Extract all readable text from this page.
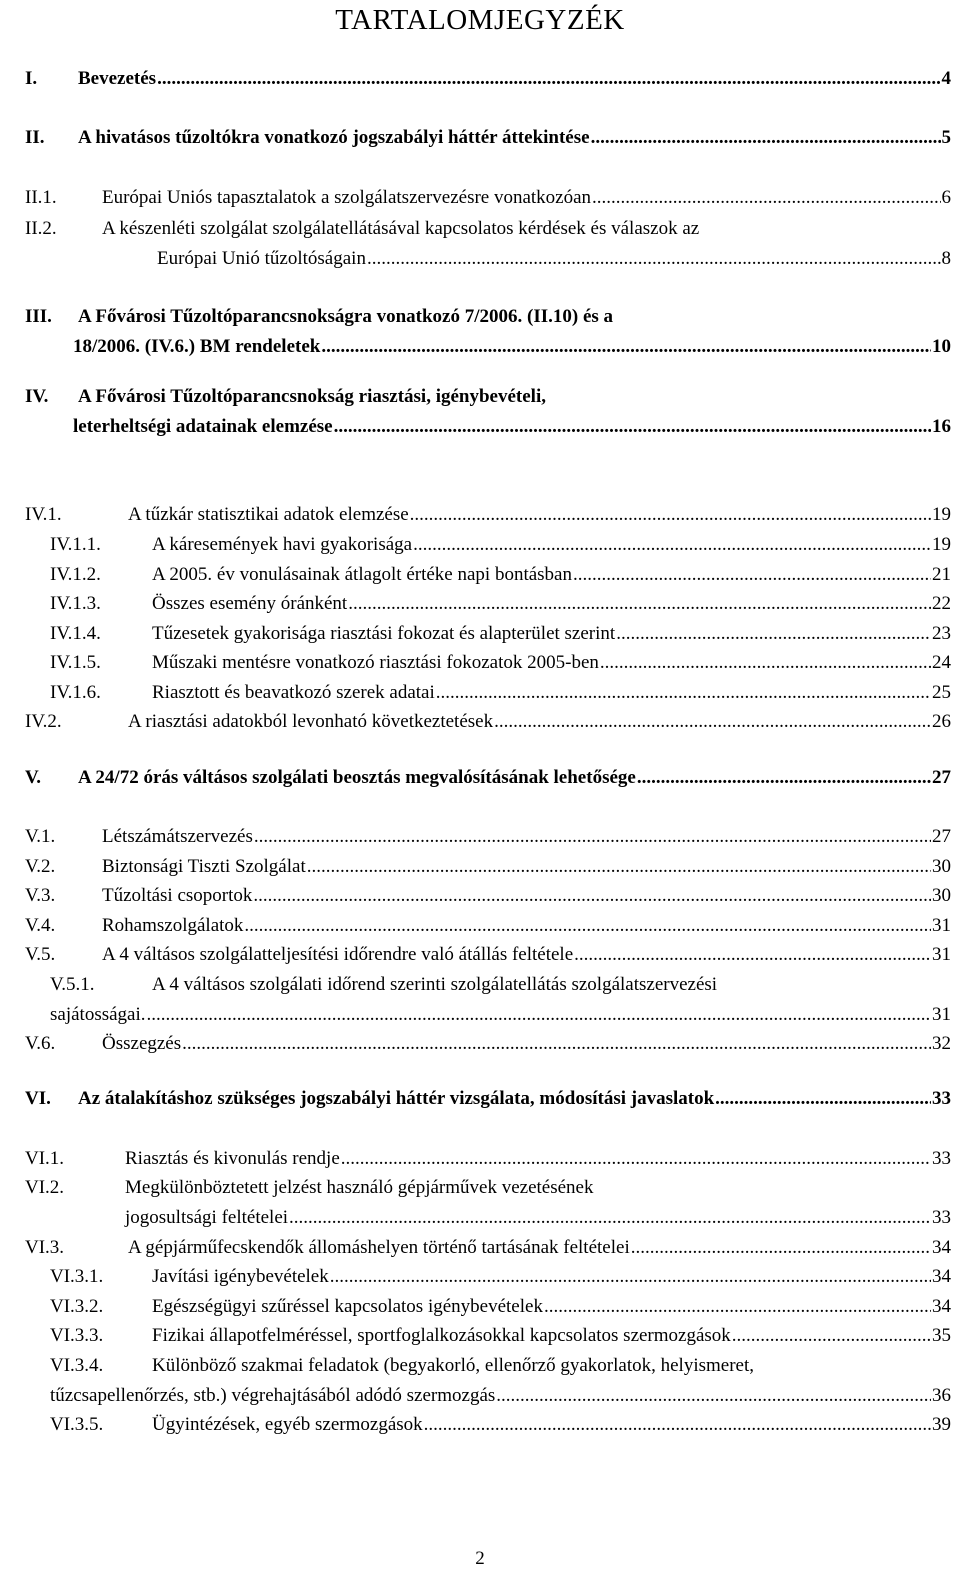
TARTALOMJEGYZÉK
I. Bevezetés .....	4
II. A hivatásos tűzoltókra vonatkozó jogszabályi háttér áttekintése .....	5
II.1. Európai Uniós tapasztalatok a szolgálatszervezésre vonatkozóan .....	6
II.2. A készenléti szolgálat szolgálatellátásával kapcsolatos kérdések és válaszok az
Európai Unió tűzoltóságain .....	8
III. A Fővárosi Tűzoltóparancsnokságra vonatkozó 7/2006. (II.10) és a
18/2006. (IV.6.) BM rendeletek .....	10
IV. A Fővárosi Tűzoltóparancsnokság riasztási, igénybevételi,
leterheltségi adatainak elemzése .....	16
IV.1.	A tűzkár statisztikai adatok elemzése .....	19
IV.1.1.	A káresemények havi gyakorisága .....	19
IV.1.2.	A 2005. év vonulásainak átlagolt értéke napi bontásban .....	21
IV.1.3.	Összes esemény óránként .....	22
IV.1.4.	Tűzesetek gyakorisága riasztási fokozat és alapterület szerint .....	23
IV.1.5.	Műszaki mentésre vonatkozó riasztási fokozatok 2005-ben .....	24
IV.1.6.	Riasztott és beavatkozó szerek adatai .....	25
IV.2.	A riasztási adatokból levonható következtetések .....	26
V. A 24/72 órás váltásos szolgálati beosztás megvalósításának lehetősége .....	27
V.1. Létszámátszervezés .....	27
V.2. Biztonsági Tiszti Szolgálat .....	30
V.3. Tűzoltási csoportok .....	30
V.4. Rohamszolgálatok .....	31
V.5. A 4 váltásos szolgálatteljesítési időrendre való átállás feltétele .....	31
V.5.1.	A 4 váltásos szolgálati időrend szerinti szolgálatellátás szolgálatszervezési
sajátosságai. .....	31
V.6. Összegzés .....	32
VI. Az átalakításhoz szükséges jogszabályi háttér vizsgálata, módosítási javaslatok .....	33
VI.1.	Riasztás és kivonulás rendje .....	33
VI.2.	Megkülönböztetett jelzést használó gépjárművek vezetésének
jogosultsági feltételei .....	33
VI.3.	A gépjárműfecskendők állomáshelyen történő tartásának feltételei .....	34
VI.3.1.	Javítási igénybevételek .....	34
VI.3.2.	Egészségügyi szűréssel kapcsolatos igénybevételek .....	34
VI.3.3.	Fizikai állapotfelméréssel, sportfoglalkozásokkal kapcsolatos szermozgások .....	35
VI.3.4.	Különböző szakmai feladatok (begyakorló, ellenőrző gyakorlatok, helyismeret,
tűzcsapellenőrzés, stb.) végrehajtásából adódó szermozgás .....	36
VI.3.5.	Ügyintézések, egyéb szermozgások .....	39
2
